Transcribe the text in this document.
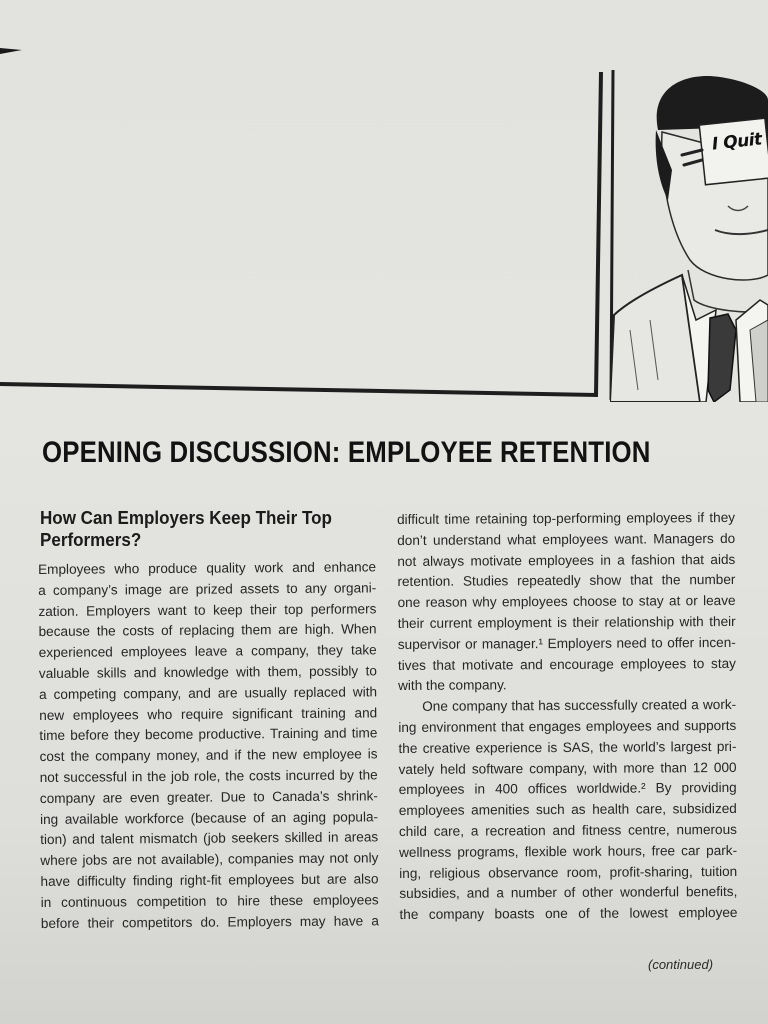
I Quit
OPENING DISCUSSION: EMPLOYEE RETENTION
How Can Employers Keep Their Top Performers?
Employees who produce quality work and enhance
a company’s image are prized assets to any organi-
zation. Employers want to keep their top performers
because the costs of replacing them are high. When
experienced employees leave a company, they take
valuable skills and knowledge with them, possibly to
a competing company, and are usually replaced with
new employees who require significant training and
time before they become productive. Training and time
cost the company money, and if the new employee is
not successful in the job role, the costs incurred by the
company are even greater. Due to Canada’s shrink-
ing available workforce (because of an aging popula-
tion) and talent mismatch (job seekers skilled in areas
where jobs are not available), companies may not only
have difficulty finding right-fit employees but are also
in continuous competition to hire these employees
before their competitors do. Employers may have a
difficult time retaining top-performing employees if they
don’t understand what employees want. Managers do
not always motivate employees in a fashion that aids
retention. Studies repeatedly show that the number
one reason why employees choose to stay at or leave
their current employment is their relationship with their
supervisor or manager.¹ Employers need to offer incen-
tives that motivate and encourage employees to stay
with the company.
One company that has successfully created a work-
ing environment that engages employees and supports
the creative experience is SAS, the world’s largest pri-
vately held software company, with more than 12 000
employees in 400 offices worldwide.² By providing
employees amenities such as health care, subsidized
child care, a recreation and fitness centre, numerous
wellness programs, flexible work hours, free car park-
ing, religious observance room, profit-sharing, tuition
subsidies, and a number of other wonderful benefits,
the company boasts one of the lowest employee
(continued)
